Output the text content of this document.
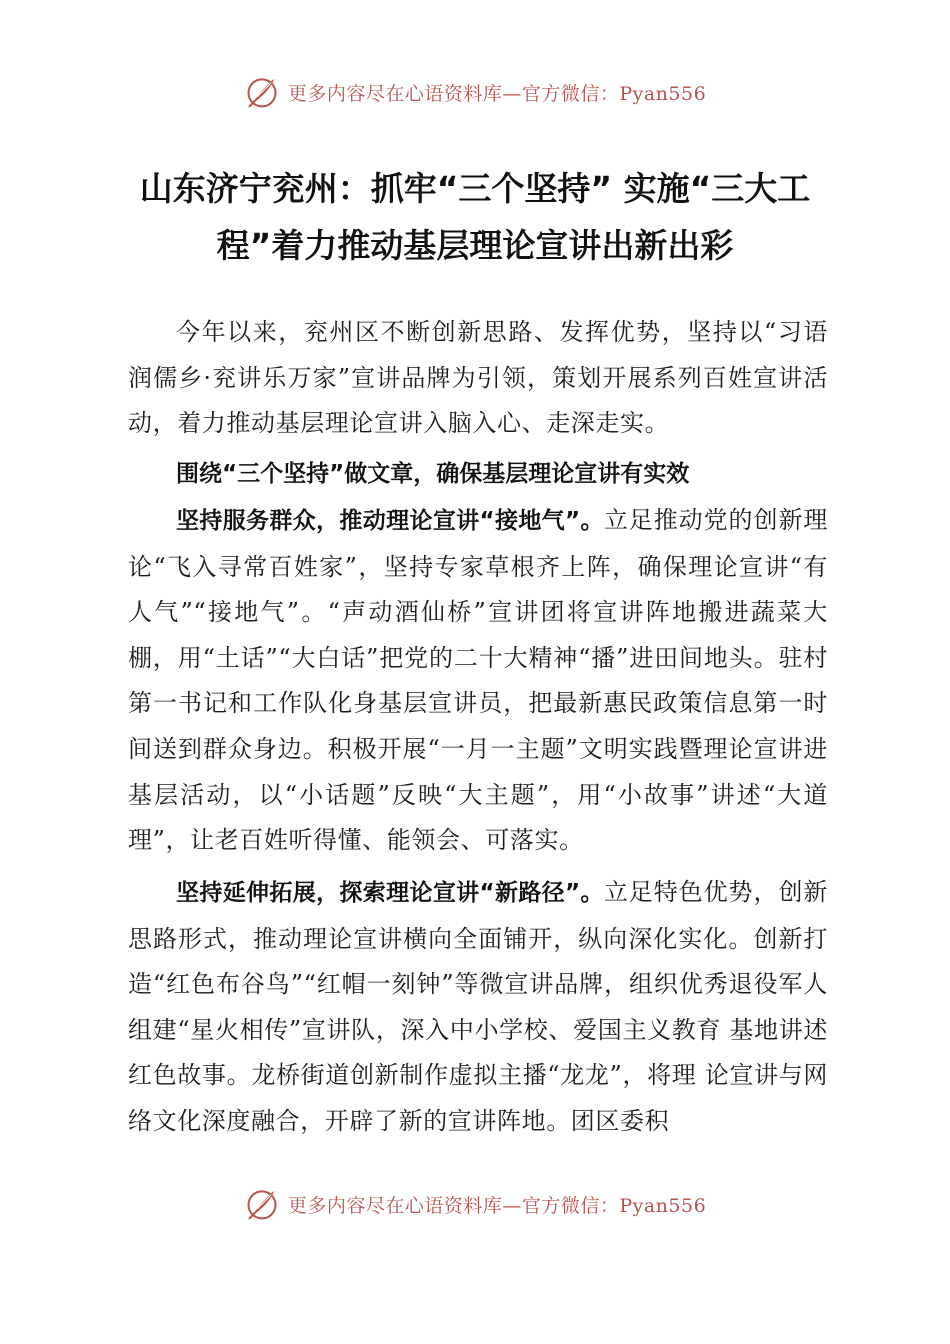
更多内容尽在心语资料库—官方微信：Pyan556
山东济宁兖州：抓牢“三个坚持” 实施“三大工程”着力推动基层理论宣讲出新出彩

今年以来，兖州区不断创新思路、发挥优势，坚持以“习语润儒乡·兖讲乐万家”宣讲品牌为引领，策划开展系列百姓宣讲活动，着力推动基层理论宣讲入脑入心、走深走实。

围绕“三个坚持”做文章，确保基层理论宣讲有实效

坚持服务群众，推动理论宣讲“接地气”。立足推动党的创新理论“飞入寻常百姓家”，坚持专家草根齐上阵，确保理论宣讲“有人气”“接地气”。“声动酒仙桥”宣讲团将宣讲阵地搬进蔬菜大棚，用“土话”“大白话”把党的二十大精神“播”进田间地头。驻村第一书记和工作队化身基层宣讲员，把最新惠民政策信息第一时间送到群众身边。积极开展“一月一主题”文明实践暨理论宣讲进基层活动，以“小话题”反映“大主题”，用“小故事”讲述“大道理”，让老百姓听得懂、能领会、可落实。

坚持延伸拓展，探索理论宣讲“新路径”。立足特色优势，创新思路形式，推动理论宣讲横向全面铺开，纵向深化实化。创新打造“红色布谷鸟”“红帽一刻钟”等微宣讲品牌，组织优秀退役军人组建“星火相传”宣讲队，深入中小学校、爱国主义教育 基地讲述红色故事。龙桥街道创新制作虚拟主播“龙龙”，将理 论宣讲与网络文化深度融合，开辟了新的宣讲阵地。团区委积

更多内容尽在心语资料库—官方微信：Pyan556
